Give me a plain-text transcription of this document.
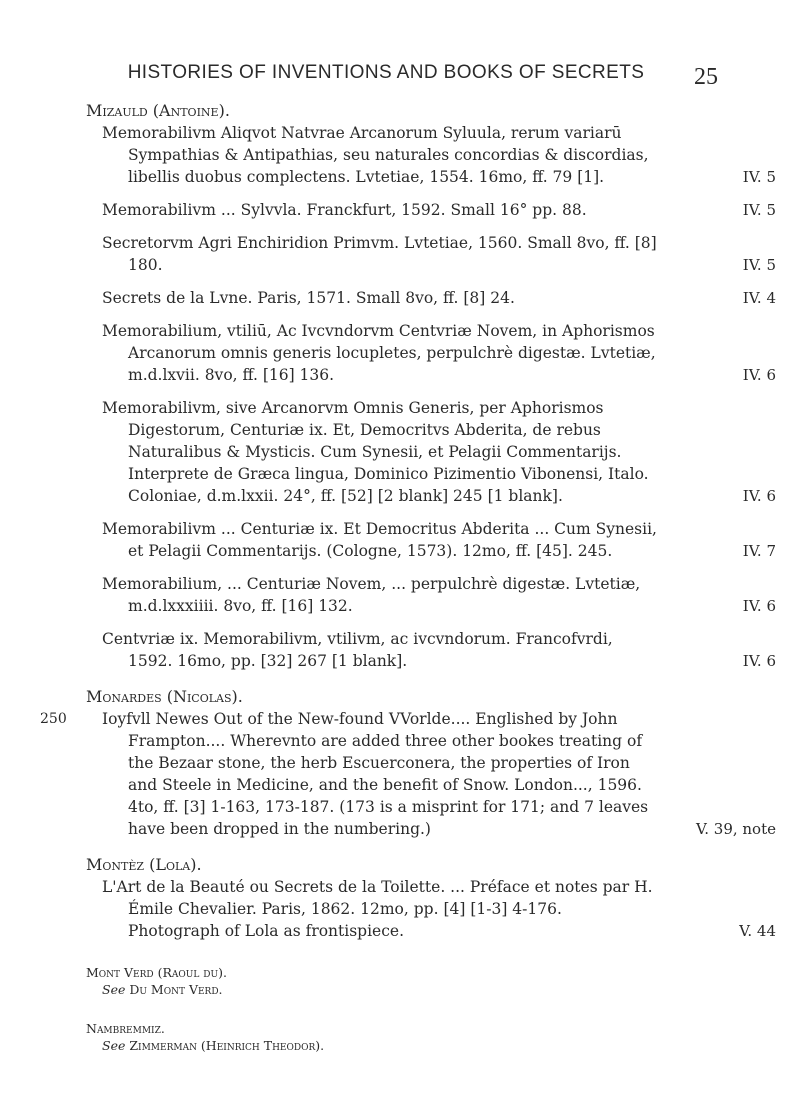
HISTORIES OF INVENTIONS AND BOOKS OF SECRETS	25
Mizauld (Antoine).
Memorabilivm Aliqvot Natvrae Arcanorum Syluula, rerum variarū Sympathias & Antipathias, seu naturales concordias & discordias, libellis duobus complectens. Lvtetiae, 1554. 16mo, ff. 79 [1].	IV. 5
Memorabilivm ... Sylvvla. Franckfurt, 1592. Small 16° pp. 88.	IV. 5
Secretorvm Agri Enchiridion Primvm. Lvtetiae, 1560. Small 8vo, ff. [8] 180.	IV. 5
Secrets de la Lvne. Paris, 1571. Small 8vo, ff. [8] 24.	IV. 4
Memorabilium, vtiliū, Ac Ivcvndorvm Centvriæ Novem, in Aphorismos Arcanorum omnis generis locupletes, perpulchrè digestæ. Lvtetiæ, m.d.lxvii. 8vo, ff. [16] 136.	IV. 6
Memorabilivm, sive Arcanorvm Omnis Generis, per Aphorismos Digestorum, Centuriæ ix. Et, Democritvs Abderita, de rebus Naturalibus & Mysticis. Cum Synesii, et Pelagii Commentarijs. Interprete de Græca lingua, Dominico Pizimentio Vibonensi, Italo. Coloniae, d.m.lxxii. 24°, ff. [52] [2 blank] 245 [1 blank].	IV. 6
Memorabilivm ... Centuriæ ix. Et Democritus Abderita ... Cum Synesii, et Pelagii Commentarijs. (Cologne, 1573). 12mo, ff. [45]. 245.	IV. 7
Memorabilium, ... Centuriæ Novem, ... perpulchrè digestæ. Lvtetiæ, m.d.lxxxiiii. 8vo, ff. [16] 132.	IV. 6
Centvriæ ix. Memorabilivm, vtilivm, ac ivcvndorum. Francofvrdi, 1592. 16mo, pp. [32] 267 [1 blank].	IV. 6
Monardes (Nicolas).
250 Ioyfvll Newes Out of the New-found VVorlde.... Englished by John Frampton.... Wherevnto are added three other bookes treating of the Bezaar stone, the herb Escuerconera, the properties of Iron and Steele in Medicine, and the benefit of Snow. London..., 1596. 4to, ff. [3] 1-163, 173-187. (173 is a misprint for 171; and 7 leaves have been dropped in the numbering.)	V. 39, note
Montèz (Lola).
L'Art de la Beauté ou Secrets de la Toilette. ... Préface et notes par H. Émile Chevalier. Paris, 1862. 12mo, pp. [4] [1-3] 4-176. Photograph of Lola as frontispiece.	V. 44
Mont Verd (Raoul du).
See Du Mont Verd.
Nambremmiz.
See Zimmerman (Heinrich Theodor).
